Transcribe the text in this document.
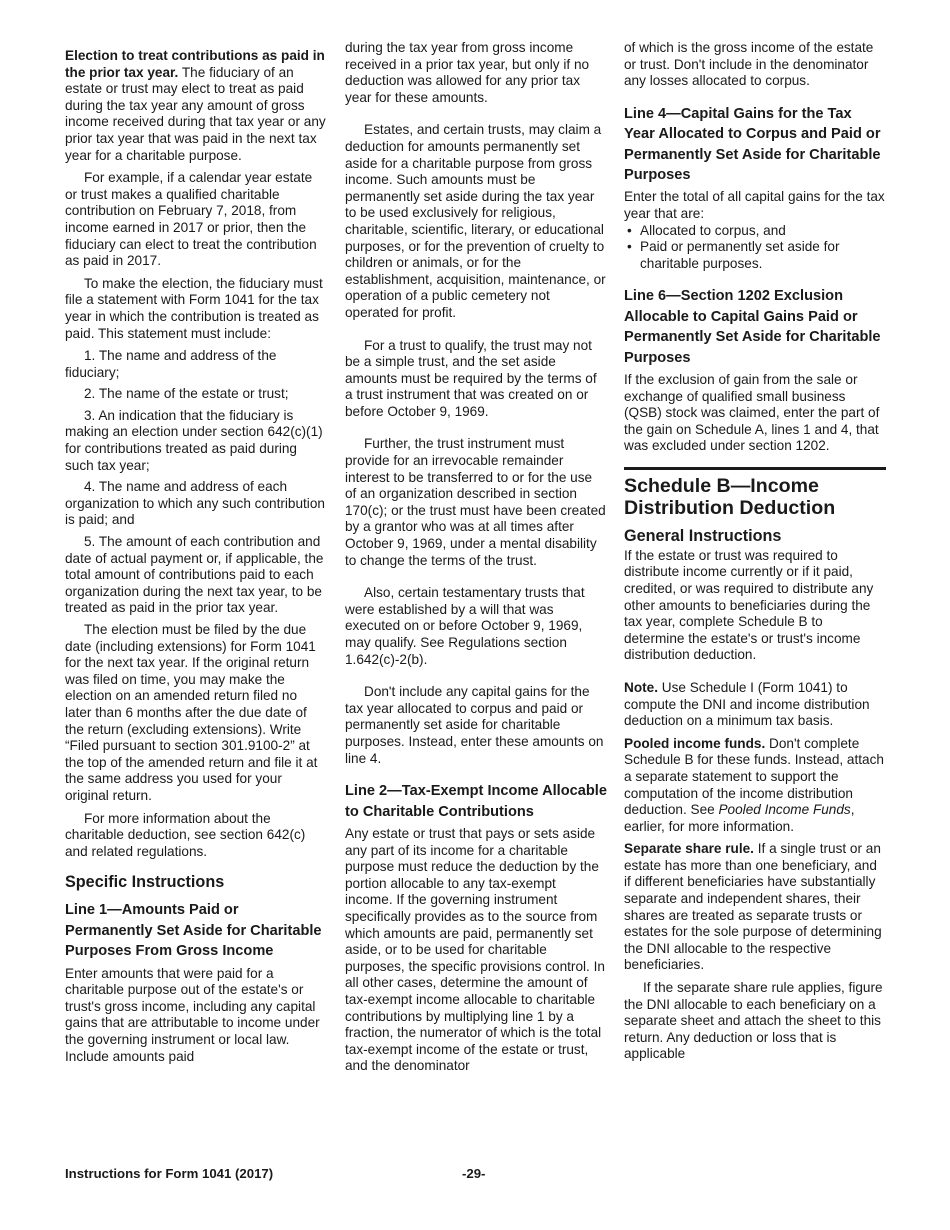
Election to treat contributions as paid in the prior tax year. The fiduciary of an estate or trust may elect to treat as paid during the tax year any amount of gross income received during that tax year or any prior tax year that was paid in the next tax year for a charitable purpose.

For example, if a calendar year estate or trust makes a qualified charitable contribution on February 7, 2018, from income earned in 2017 or prior, then the fiduciary can elect to treat the contribution as paid in 2017.

To make the election, the fiduciary must file a statement with Form 1041 for the tax year in which the contribution is treated as paid. This statement must include:

1. The name and address of the fiduciary;

2. The name of the estate or trust;

3. An indication that the fiduciary is making an election under section 642(c)(1) for contributions treated as paid during such tax year;

4. The name and address of each organization to which any such contribution is paid; and

5. The amount of each contribution and date of actual payment or, if applicable, the total amount of contributions paid to each organization during the next tax year, to be treated as paid in the prior tax year.

The election must be filed by the due date (including extensions) for Form 1041 for the next tax year. If the original return was filed on time, you may make the election on an amended return filed no later than 6 months after the due date of the return (excluding extensions). Write “Filed pursuant to section 301.9100-2” at the top of the amended return and file it at the same address you used for your original return.

For more information about the charitable deduction, see section 642(c) and related regulations.

Specific Instructions
Line 1—Amounts Paid or Permanently Set Aside for Charitable Purposes From Gross Income

Enter amounts that were paid for a charitable purpose out of the estate's or trust's gross income, including any capital gains that are attributable to income under the governing instrument or local law. Include amounts paid

during the tax year from gross income received in a prior tax year, but only if no deduction was allowed for any prior tax year for these amounts.

Estates, and certain trusts, may claim a deduction for amounts permanently set aside for a charitable purpose from gross income. Such amounts must be permanently set aside during the tax year to be used exclusively for religious, charitable, scientific, literary, or educational purposes, or for the prevention of cruelty to children or animals, or for the establishment, acquisition, maintenance, or operation of a public cemetery not operated for profit.

For a trust to qualify, the trust may not be a simple trust, and the set aside amounts must be required by the terms of a trust instrument that was created on or before October 9, 1969.

Further, the trust instrument must provide for an irrevocable remainder interest to be transferred to or for the use of an organization described in section 170(c); or the trust must have been created by a grantor who was at all times after October 9, 1969, under a mental disability to change the terms of the trust.

Also, certain testamentary trusts that were established by a will that was executed on or before October 9, 1969, may qualify. See Regulations section 1.642(c)-2(b).

Don't include any capital gains for the tax year allocated to corpus and paid or permanently set aside for charitable purposes. Instead, enter these amounts on line 4.

Line 2—Tax-Exempt Income Allocable to Charitable Contributions

Any estate or trust that pays or sets aside any part of its income for a charitable purpose must reduce the deduction by the portion allocable to any tax-exempt income. If the governing instrument specifically provides as to the source from which amounts are paid, permanently set aside, or to be used for charitable purposes, the specific provisions control. In all other cases, determine the amount of tax-exempt income allocable to charitable contributions by multiplying line 1 by a fraction, the numerator of which is the total tax-exempt income of the estate or trust, and the denominator

of which is the gross income of the estate or trust. Don't include in the denominator any losses allocated to corpus.

Line 4—Capital Gains for the Tax Year Allocated to Corpus and Paid or Permanently Set Aside for Charitable Purposes

Enter the total of all capital gains for the tax year that are:

• Allocated to corpus, and
• Paid or permanently set aside for charitable purposes.
Line 6—Section 1202 Exclusion Allocable to Capital Gains Paid or Permanently Set Aside for Charitable Purposes

If the exclusion of gain from the sale or exchange of qualified small business (QSB) stock was claimed, enter the part of the gain on Schedule A, lines 1 and 4, that was excluded under section 1202.

Schedule B—Income Distribution Deduction
General Instructions

If the estate or trust was required to distribute income currently or if it paid, credited, or was required to distribute any other amounts to beneficiaries during the tax year, complete Schedule B to determine the estate's or trust's income distribution deduction.

Note. Use Schedule I (Form 1041) to compute the DNI and income distribution deduction on a minimum tax basis.

Pooled income funds. Don't complete Schedule B for these funds. Instead, attach a separate statement to support the computation of the income distribution deduction. See Pooled Income Funds, earlier, for more information.

Separate share rule. If a single trust or an estate has more than one beneficiary, and if different beneficiaries have substantially separate and independent shares, their shares are treated as separate trusts or estates for the sole purpose of determining the DNI allocable to the respective beneficiaries.

If the separate share rule applies, figure the DNI allocable to each beneficiary on a separate sheet and attach the sheet to this return. Any deduction or loss that is applicable

Instructions for Form 1041 (2017)	-29-
